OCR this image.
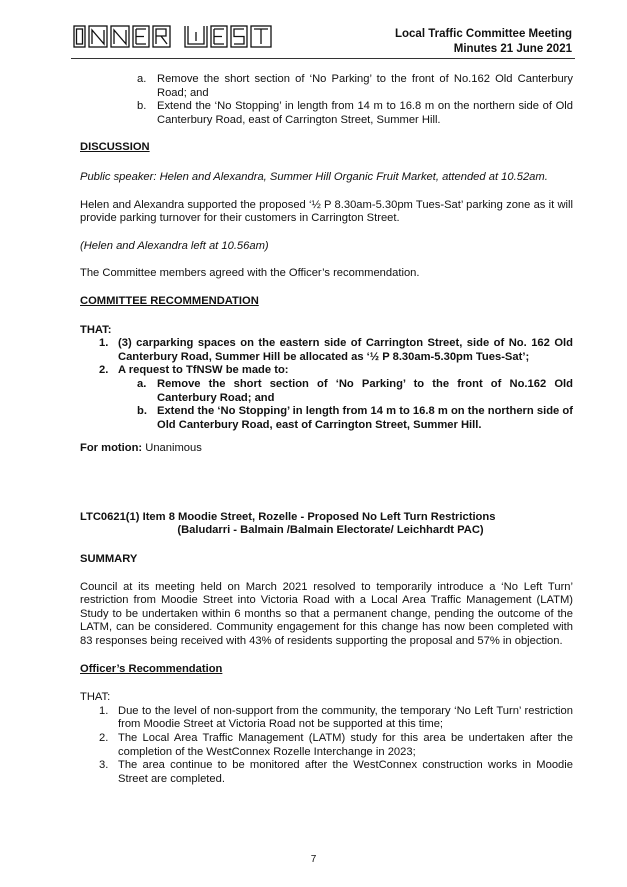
INNER WEST
Local Traffic Committee Meeting
Minutes 21 June 2021
a. Remove the short section of ‘No Parking’ to the front of No.162 Old Canterbury Road; and
b. Extend the ‘No Stopping’ in length from 14 m to 16.8 m on the northern side of Old Canterbury Road, east of Carrington Street, Summer Hill.

DISCUSSION

Public speaker: Helen and Alexandra, Summer Hill Organic Fruit Market, attended at 10.52am.

Helen and Alexandra supported the proposed ‘½ P 8.30am-5.30pm Tues-Sat’ parking zone as it will provide parking turnover for their customers in Carrington Street.

(Helen and Alexandra left at 10.56am)

The Committee members agreed with the Officer’s recommendation.

COMMITTEE RECOMMENDATION

THAT:

1. (3) carparking spaces on the eastern side of Carrington Street, side of No. 162 Old Canterbury Road, Summer Hill be allocated as ‘½ P 8.30am-5.30pm Tues-Sat’;
2. A request to TfNSW be made to:
a. Remove the short section of ‘No Parking’ to the front of No.162 Old Canterbury Road; and
b. Extend the ‘No Stopping’ in length from 14 m to 16.8 m on the northern side of Old Canterbury Road, east of Carrington Street, Summer Hill.

For motion: Unanimous

LTC0621(1) Item 8 Moodie Street, Rozelle - Proposed No Left Turn Restrictions
(Baludarri - Balmain /Balmain Electorate/ Leichhardt PAC)

SUMMARY

Council at its meeting held on March 2021 resolved to temporarily introduce a ‘No Left Turn’ restriction from Moodie Street into Victoria Road with a Local Area Traffic Management (LATM) Study to be undertaken within 6 months so that a permanent change, pending the outcome of the LATM, can be considered. Community engagement for this change has now been completed with 83 responses being received with 43% of residents supporting the proposal and 57% in objection.

Officer’s Recommendation

THAT:

1. Due to the level of non-support from the community, the temporary ‘No Left Turn’ restriction from Moodie Street at Victoria Road not be supported at this time;
2. The Local Area Traffic Management (LATM) study for this area be undertaken after the completion of the WestConnex Rozelle Interchange in 2023;
3. The area continue to be monitored after the WestConnex construction works in Moodie Street are completed.
7
